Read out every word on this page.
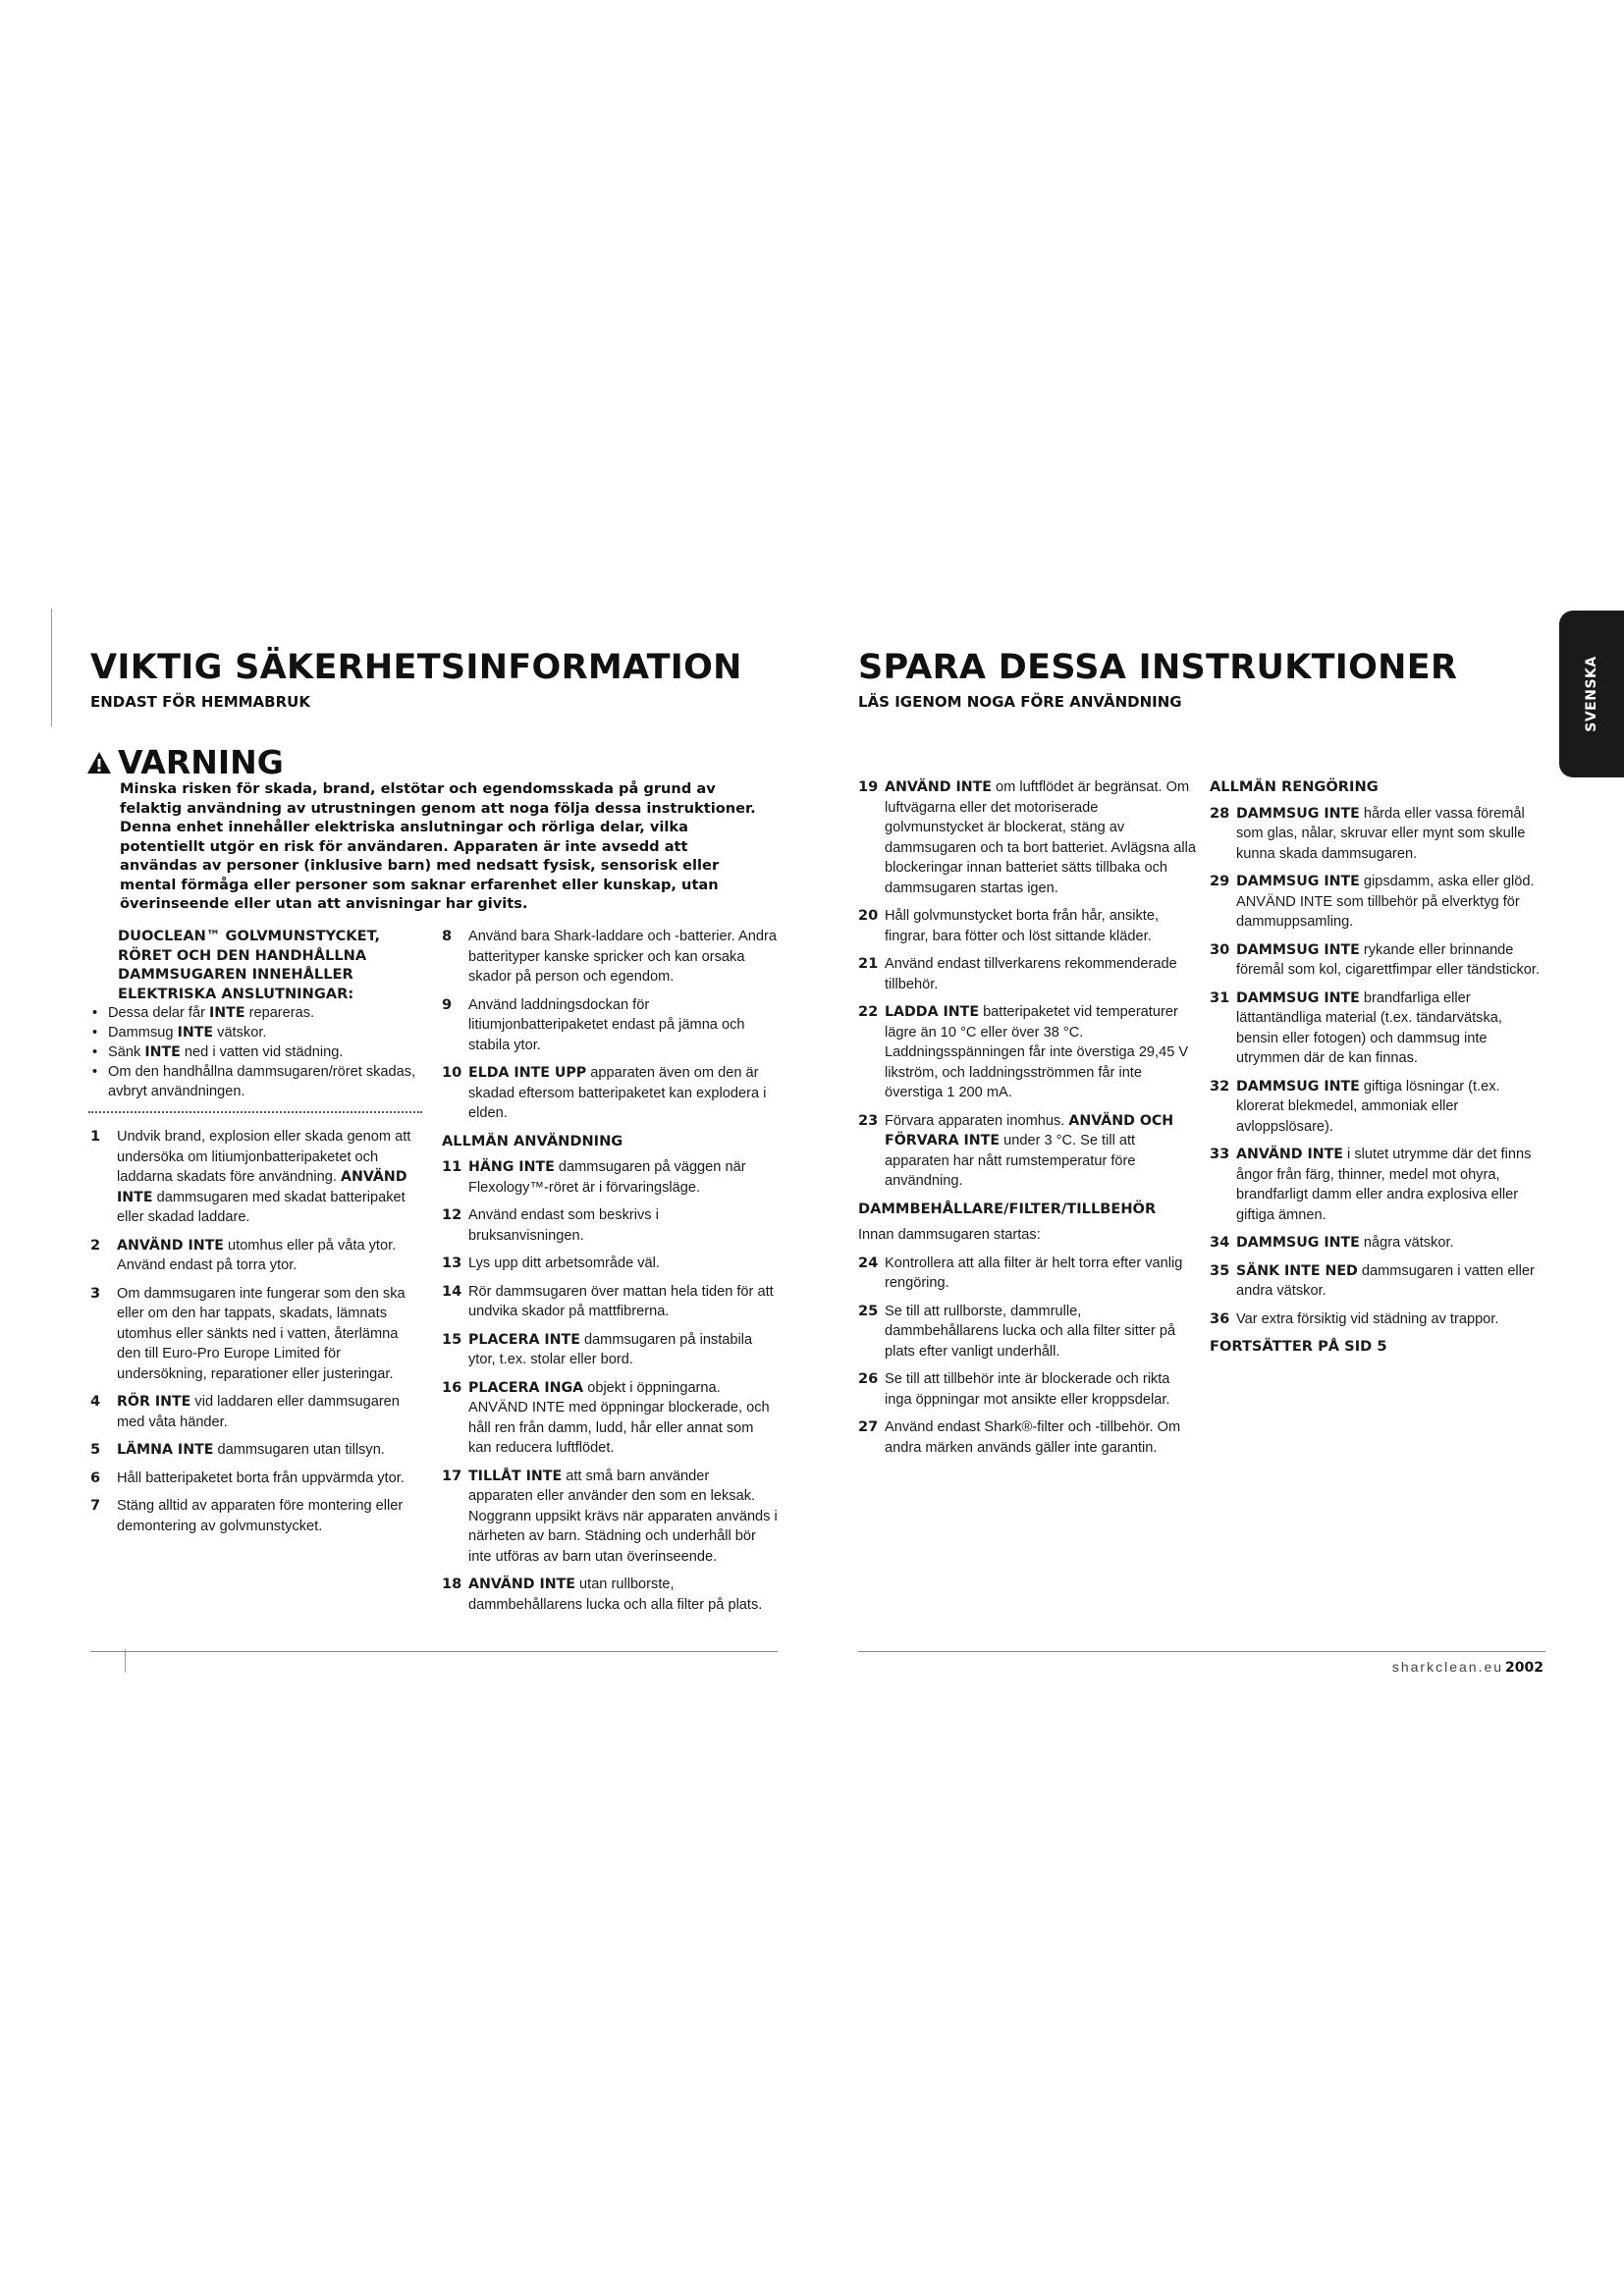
VIKTIG SÄKERHETSINFORMATION
ENDAST FÖR HEMMABRUK
VARNING
Minska risken för skada, brand, elstötar och egendomsskada på grund av felaktig användning av utrustningen genom att noga följa dessa instruktioner. Denna enhet innehåller elektriska anslutningar och rörliga delar, vilka potentiellt utgör en risk för användaren. Apparaten är inte avsedd att användas av personer (inklusive barn) med nedsatt fysisk, sensorisk eller mental förmåga eller personer som saknar erfarenhet eller kunskap, utan överinseende eller utan att anvisningar har givits.
DUOCLEAN™ GOLVMUNSTYCKET, RÖRET OCH DEN HANDHÅLLNA DAMMSUGAREN INNEHÅLLER ELEKTRISKA ANSLUTNINGAR:
• Dessa delar får INTE repareras.
• Dammsug INTE vätskor.
• Sänk INTE ned i vatten vid städning.
• Om den handhållna dammsugaren/röret skadas, avbryt användningen.
1 Undvik brand, explosion eller skada genom att undersöka om litiumjonbatteripaketet och laddarna skadats före användning. ANVÄND INTE dammsugaren med skadat batteripaket eller skadad laddare.
2 ANVÄND INTE utomhus eller på våta ytor. Använd endast på torra ytor.
3 Om dammsugaren inte fungerar som den ska eller om den har tappats, skadats, lämnats utomhus eller sänkts ned i vatten, återlämna den till Euro-Pro Europe Limited för undersökning, reparationer eller justeringar.
4 RÖR INTE vid laddaren eller dammsugaren med våta händer.
5 LÄMNA INTE dammsugaren utan tillsyn.
6 Håll batteripaketet borta från uppvärmda ytor.
7 Stäng alltid av apparaten före montering eller demontering av golvmunstycket.
8 Använd bara Shark-laddare och -batterier. Andra batterityper kanske spricker och kan orsaka skador på person och egendom.
9 Använd laddningsdockan för litiumjonbatteripaketet endast på jämna och stabila ytor.
10 ELDA INTE UPP apparaten även om den är skadad eftersom batteripaketet kan explodera i elden.
ALLMÄN ANVÄNDNING
11 HÄNG INTE dammsugaren på väggen när Flexology™-röret är i förvaringsläge.
12 Använd endast som beskrivs i bruksanvisningen.
13 Lys upp ditt arbetsområde väl.
14 Rör dammsugaren över mattan hela tiden för att undvika skador på mattfibrerna.
15 PLACERA INTE dammsugaren på instabila ytor, t.ex. stolar eller bord.
16 PLACERA INGA objekt i öppningarna. ANVÄND INTE med öppningar blockerade, och håll ren från damm, ludd, hår eller annat som kan reducera luftflödet.
17 TILLÅT INTE att små barn använder apparaten eller använder den som en leksak. Noggrann uppsikt krävs när apparaten används i närheten av barn. Städning och underhåll bör inte utföras av barn utan överinseende.
18 ANVÄND INTE utan rullborste, dammbehållarens lucka och alla filter på plats.
SPARA DESSA INSTRUKTIONER
LÄS IGENOM NOGA FÖRE ANVÄNDNING	SVENSKA
19 ANVÄND INTE om luftflödet är begränsat. Om luftvägarna eller det motoriserade golvmunstycket är blockerat, stäng av dammsugaren och ta bort batteriet. Avlägsna alla blockeringar innan batteriet sätts tillbaka och dammsugaren startas igen.
20 Håll golvmunstycket borta från hår, ansikte, fingrar, bara fötter och löst sittande kläder.
21 Använd endast tillverkarens rekommenderade tillbehör.
22 LADDA INTE batteripaketet vid temperaturer lägre än 10 °C eller över 38 °C. Laddningsspänningen får inte överstiga 29,45 V likström, och laddningsströmmen får inte överstiga 1 200 mA.
23 Förvara apparaten inomhus. ANVÄND OCH FÖRVARA INTE under 3 °C. Se till att apparaten har nått rumstemperatur före användning.
DAMMBEHÅLLARE/FILTER/TILLBEHÖR
Innan dammsugaren startas:
24 Kontrollera att alla filter är helt torra efter vanlig rengöring.
25 Se till att rullborste, dammrulle, dammbehållarens lucka och alla filter sitter på plats efter vanligt underhåll.
26 Se till att tillbehör inte är blockerade och rikta inga öppningar mot ansikte eller kroppsdelar.
27 Använd endast Shark®-filter och -tillbehör. Om andra märken används gäller inte garantin.
ALLMÄN RENGÖRING
28 DAMMSUG INTE hårda eller vassa föremål som glas, nålar, skruvar eller mynt som skulle kunna skada dammsugaren.
29 DAMMSUG INTE gipsdamm, aska eller glöd. ANVÄND INTE som tillbehör på elverktyg för dammuppsamling.
30 DAMMSUG INTE rykande eller brinnande föremål som kol, cigarettfimpar eller tändstickor.
31 DAMMSUG INTE brandfarliga eller lättantändliga material (t.ex. tändarvätska, bensin eller fotogen) och dammsug inte utrymmen där de kan finnas.
32 DAMMSUG INTE giftiga lösningar (t.ex. klorerat blekmedel, ammoniak eller avloppslösare).
33 ANVÄND INTE i slutet utrymme där det finns ångor från färg, thinner, medel mot ohyra, brandfarligt damm eller andra explosiva eller giftiga ämnen.
34 DAMMSUG INTE några vätskor.
35 SÄNK INTE NED dammsugaren i vatten eller andra vätskor.
36 Var extra försiktig vid städning av trappor.
FORTSÄTTER PÅ SID 5
sharkclean.eu 2002
